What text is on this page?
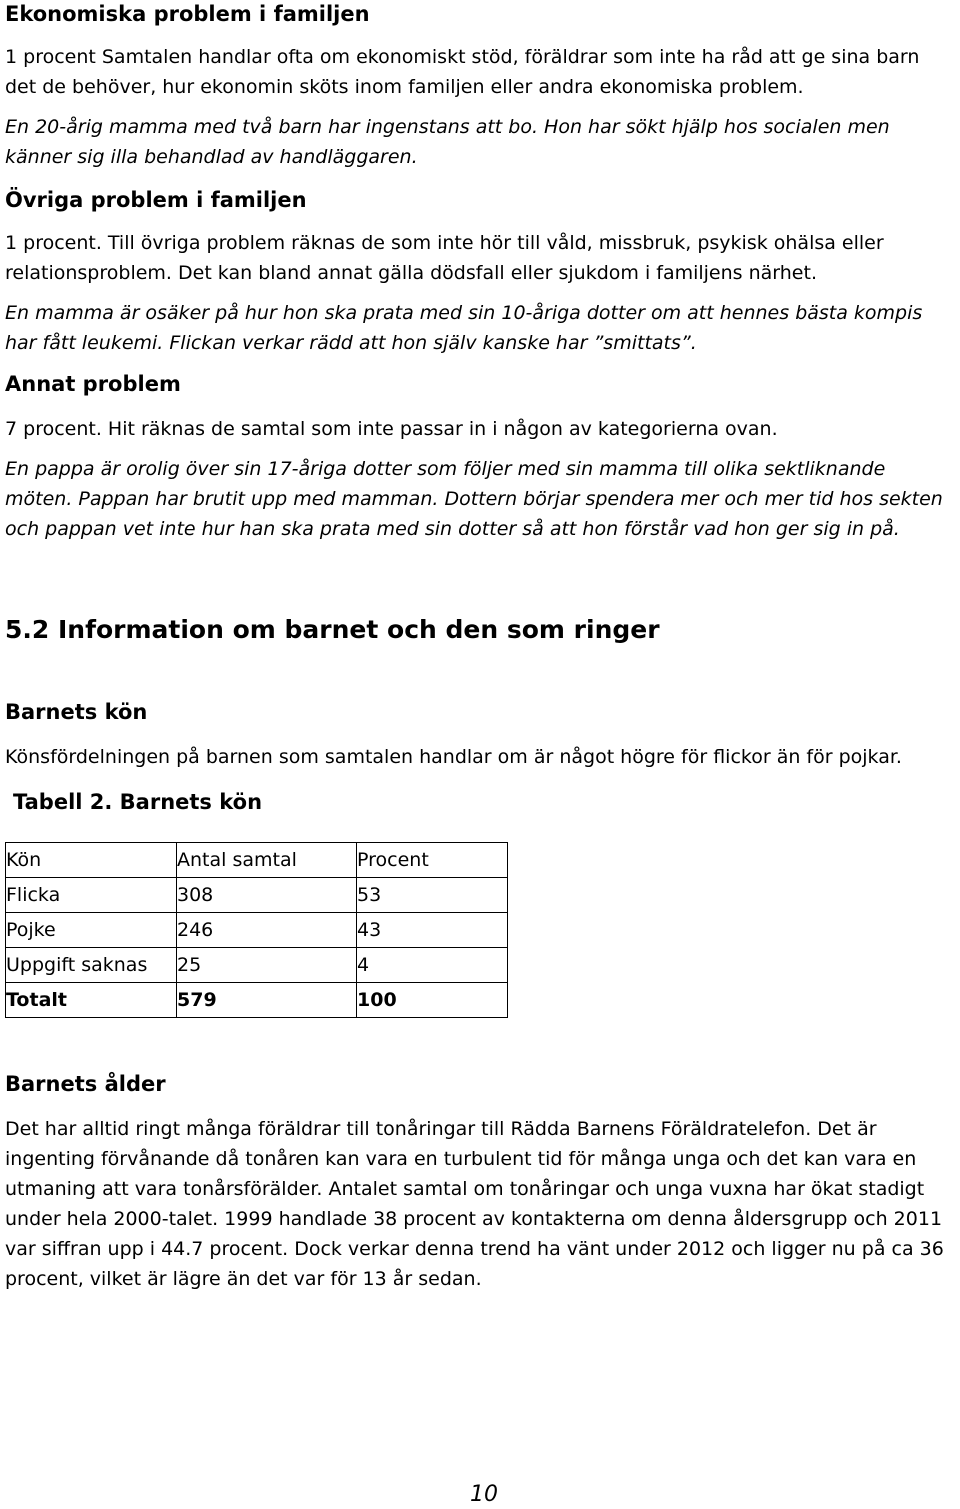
Ekonomiska problem i familjen

1 procent Samtalen handlar ofta om ekonomiskt stöd, föräldrar som inte ha råd att ge sina barn det de behöver, hur ekonomin sköts inom familjen eller andra ekonomiska problem.

En 20-årig mamma med två barn har ingenstans att bo. Hon har sökt hjälp hos socialen men känner sig illa behandlad av handläggaren.

Övriga problem i familjen

1 procent. Till övriga problem räknas de som inte hör till våld, missbruk, psykisk ohälsa eller relationsproblem. Det kan bland annat gälla dödsfall eller sjukdom i familjens närhet.

En mamma är osäker på hur hon ska prata med sin 10-åriga dotter om att hennes bästa kompis har fått leukemi. Flickan verkar rädd att hon själv kanske har ”smittats”.

Annat problem

7 procent. Hit räknas de samtal som inte passar in i någon av kategorierna ovan.

En pappa är orolig över sin 17-åriga dotter som följer med sin mamma till olika sektliknande möten. Pappan har brutit upp med mamman. Dottern börjar spendera mer och mer tid hos sekten och pappan vet inte hur han ska prata med sin dotter så att hon förstår vad hon ger sig in på.

5.2 Information om barnet och den som ringer
Barnets kön

Könsfördelningen på barnen som samtalen handlar om är något högre för flickor än för pojkar.

Tabell 2. Barnets kön

Kön	Antal samtal	Procent
Flicka	308	53
Pojke	246	43
Uppgift saknas	25	4
Totalt	579	100
Barnets ålder

Det har alltid ringt många föräldrar till tonåringar till Rädda Barnens Föräldratelefon. Det är ingenting förvånande då tonåren kan vara en turbulent tid för många unga och det kan vara en utmaning att vara tonårsförälder. Antalet samtal om tonåringar och unga vuxna har ökat stadigt under hela 2000-talet. 1999 handlade 38 procent av kontakterna om denna åldersgrupp och 2011 var siffran upp i 44.7 procent. Dock verkar denna trend ha vänt under 2012 och ligger nu på ca 36 procent, vilket är lägre än det var för 13 år sedan.

10
